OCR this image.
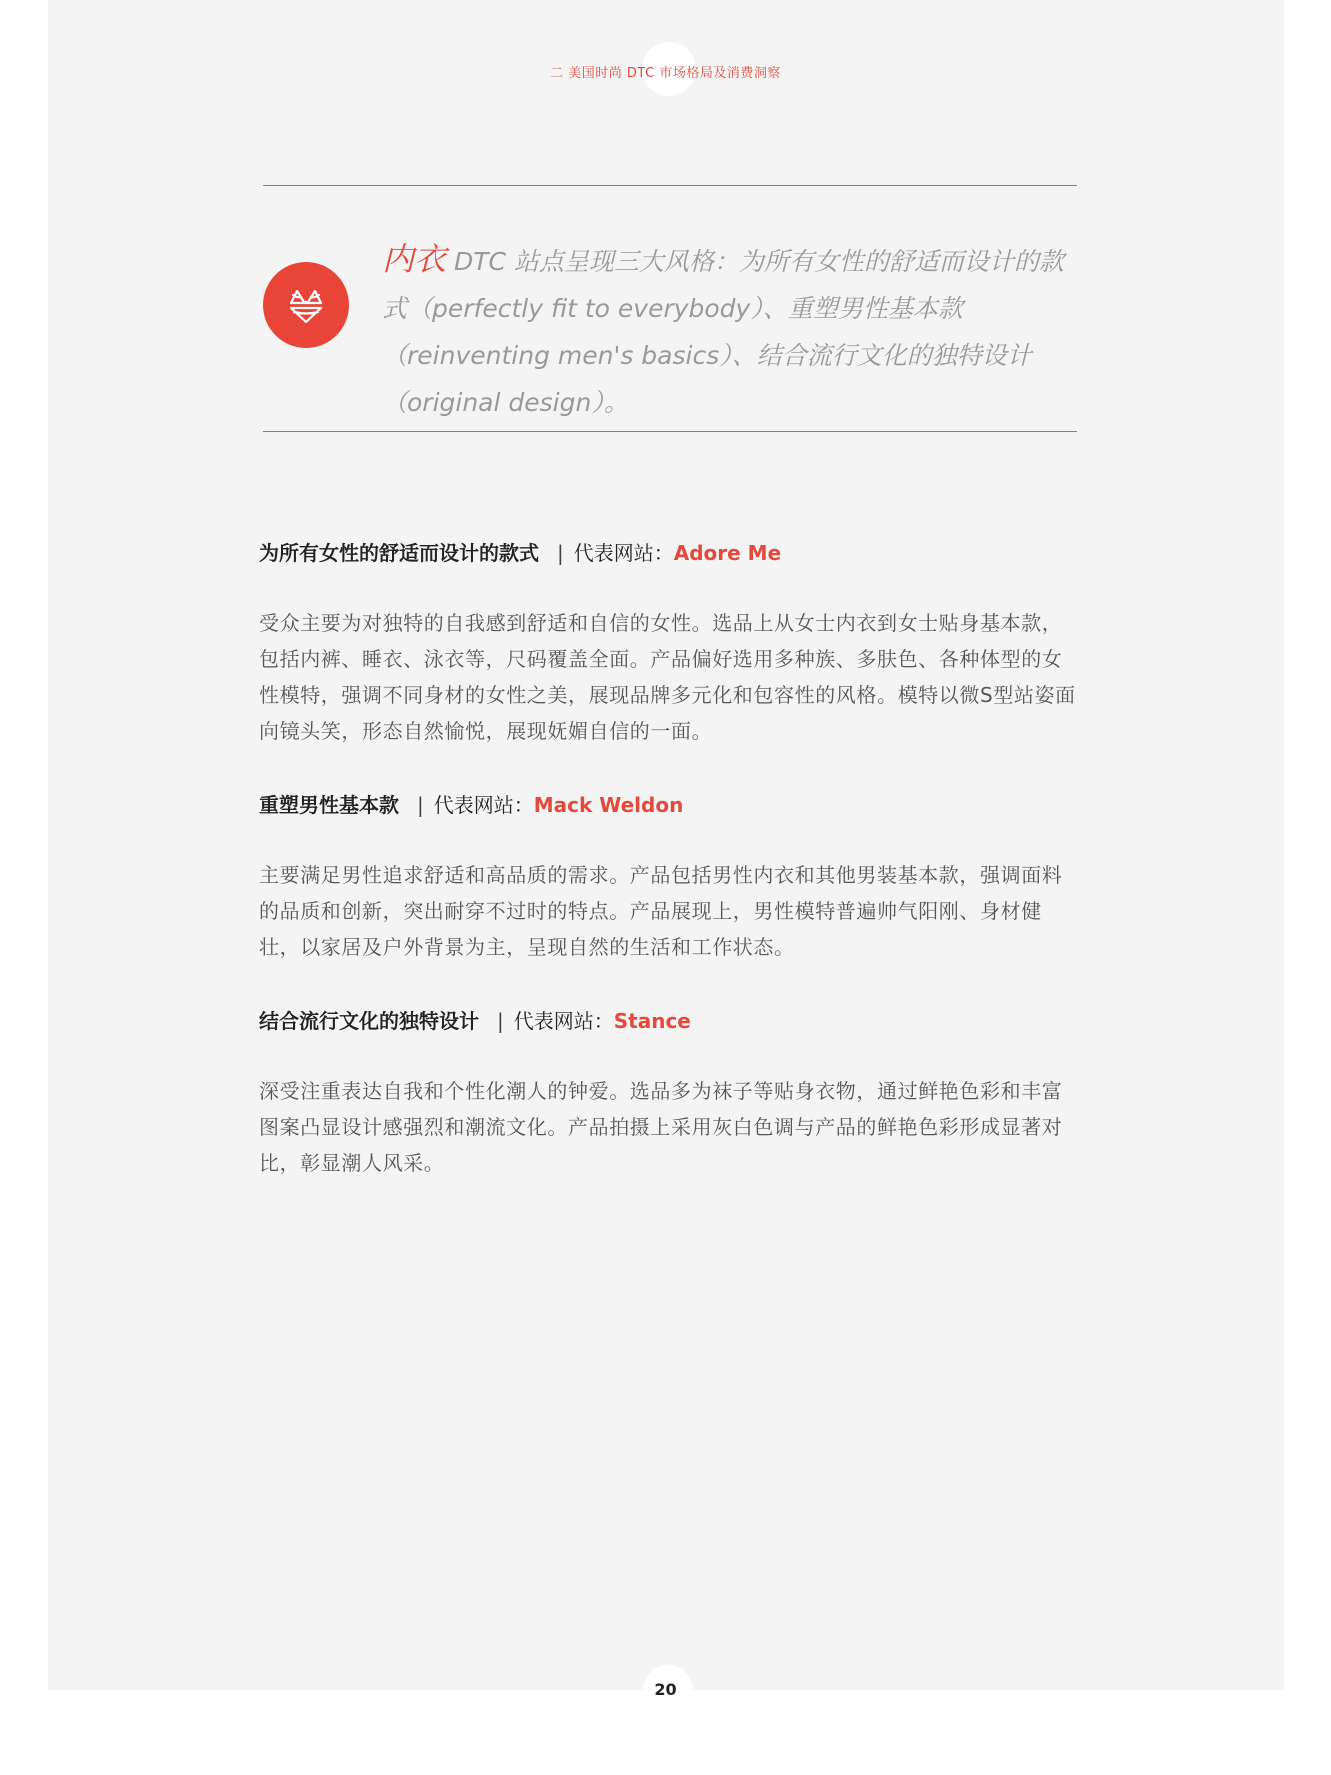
二 美国时尚 DTC 市场格局及消费洞察
内衣 DTC 站点呈现三大风格：为所有女性的舒适而设计的款式（perfectly fit to everybody）、重塑男性基本款（reinventing men's basics）、结合流行文化的独特设计（original design）。
为所有女性的舒适而设计的款式 | 代表网站：Adore Me
受众主要为对独特的自我感到舒适和自信的女性。选品上从女士内衣到女士贴身基本款，包括内裤、睡衣、泳衣等，尺码覆盖全面。产品偏好选用多种族、多肤色、各种体型的女性模特，强调不同身材的女性之美，展现品牌多元化和包容性的风格。模特以微S型站姿面向镜头笑，形态自然愉悦，展现妩媚自信的一面。
重塑男性基本款 | 代表网站：Mack Weldon
主要满足男性追求舒适和高品质的需求。产品包括男性内衣和其他男装基本款，强调面料的品质和创新，突出耐穿不过时的特点。产品展现上，男性模特普遍帅气阳刚、身材健壮，以家居及户外背景为主，呈现自然的生活和工作状态。
结合流行文化的独特设计 | 代表网站：Stance
深受注重表达自我和个性化潮人的钟爱。选品多为袜子等贴身衣物，通过鲜艳色彩和丰富图案凸显设计感强烈和潮流文化。产品拍摄上采用灰白色调与产品的鲜艳色彩形成显著对比，彰显潮人风采。
20
